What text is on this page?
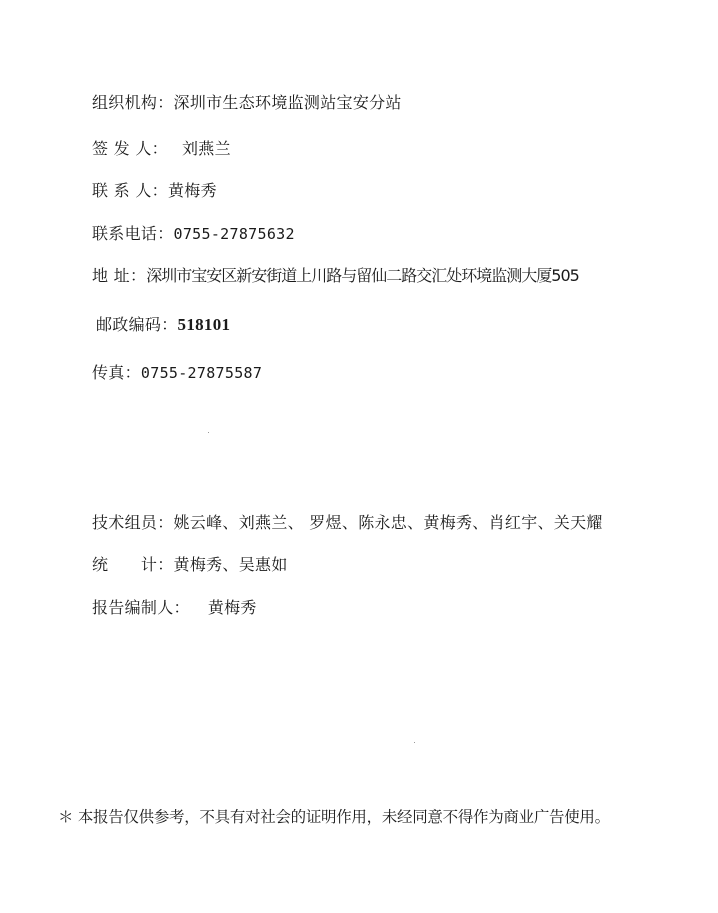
组织机构：深圳市生态环境监测站宝安分站
签 发 人： 刘燕兰
联 系 人：黄梅秀
联系电话：0755-27875632
地 址：深圳市宝安区新安街道上川路与留仙二路交汇处环境监测大厦505
邮政编码：518101
传真：0755-27875587
技术组员：姚云峰、刘燕兰、 罗煜、陈永忠、黄梅秀、肖红宇、关天耀
统　　计：黄梅秀、吴惠如
报告编制人： 黄梅秀
＊ 本报告仅供参考，不具有对社会的证明作用，未经同意不得作为商业广告使用。
